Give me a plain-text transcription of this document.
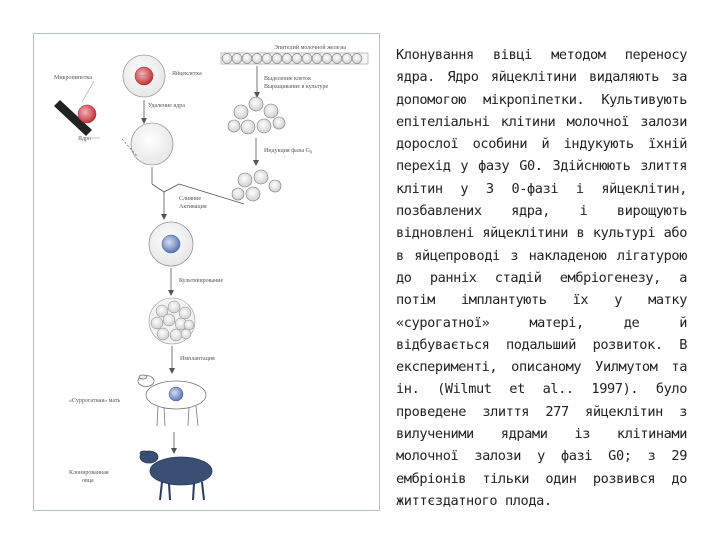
Эпителий молочной железы
Микропипетка
Яйцеклетка
Ядро
Удаление ядра
Выделение клеток
Выращивание в культуре
Индукция фазы $G_0$
Слияние
Активация
Культивирование
Имплантация
«Суррогатная» мать
Клонированная
овца
Клонування вівці методом переносу ядра. Ядро яйцеклітини видаляють за допомогою мікропіпетки. Культивують епітеліальні клітини молочної залози дорослої особини й індукують їхній перехід у фазу G0. Здійснюють злиття клітин у З 0-фазі і яйцеклітин, позбавлених ядра, і вирощують відновлені яйцеклітини в культурі або в яйцепроводі з накладеною лігатурою до ранніх стадій ембріогенезу, а потім імплантують їх у матку «сурогатної» матері, де й відбувається подальший розвиток. В експерименті, описаному Уилмутом та ін. (Wilmut et al.. 1997). було проведене злиття 277 яйцеклітин з вилученими ядрами із клітинами молочної залози у фазі G0; з 29 ембріонів тільки один розвився до життєздатного плода.
